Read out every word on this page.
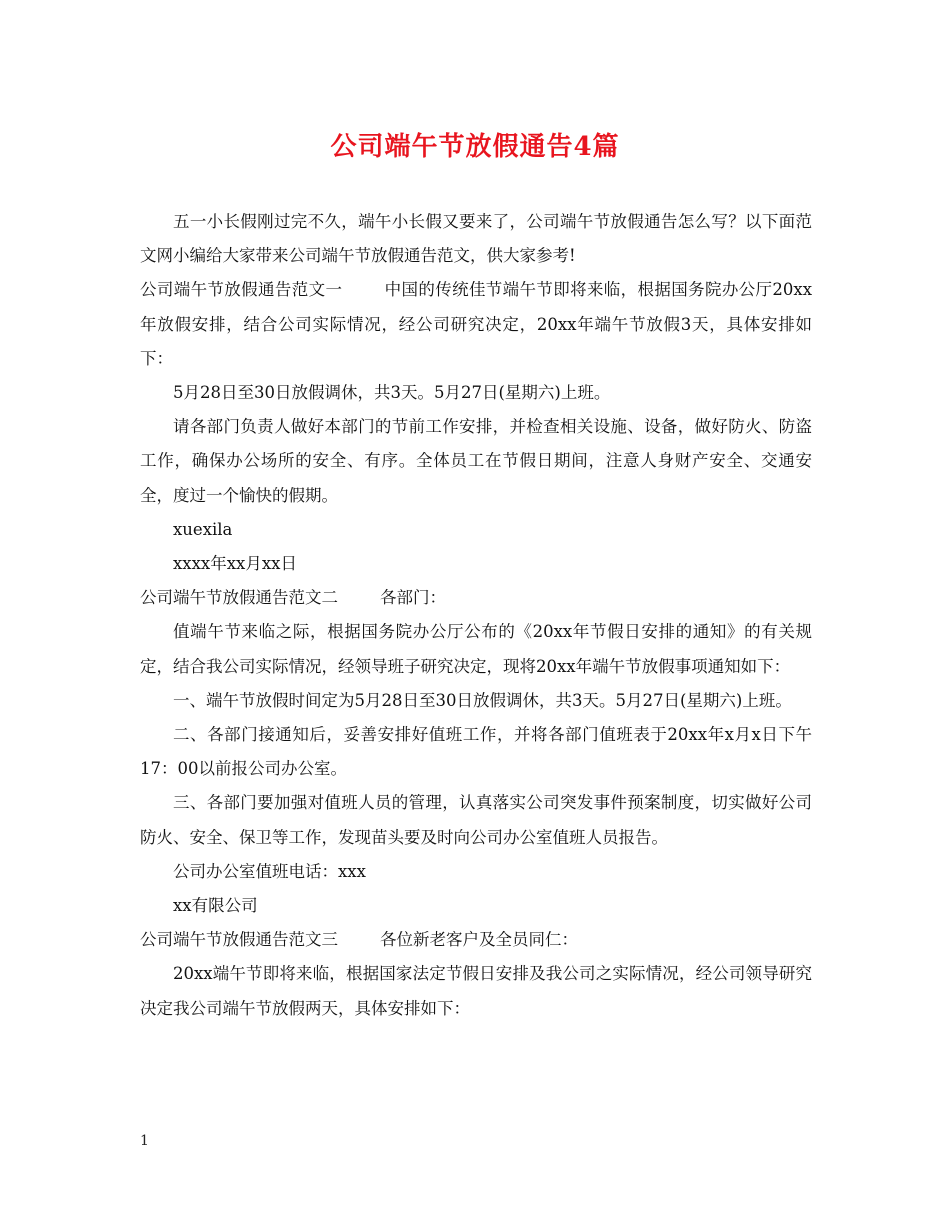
公司端午节放假通告4篇

五一小长假刚过完不久，端午小长假又要来了，公司端午节放假通告怎么写？以下面范文网小编给大家带来公司端午节放假通告范文，供大家参考!

公司端午节放假通告范文一	中国的传统佳节端午节即将来临，根据国务院办公厅20xx年放假安排，结合公司实际情况，经公司研究决定，20xx年端午节放假3天，具体安排如下：

5月28日至30日放假调休，共3天。5月27日(星期六)上班。

请各部门负责人做好本部门的节前工作安排，并检查相关设施、设备，做好防火、防盗工作，确保办公场所的安全、有序。全体员工在节假日期间，注意人身财产安全、交通安全，度过一个愉快的假期。

xuexila

xxxx年xx月xx日

公司端午节放假通告范文二	各部门：

值端午节来临之际，根据国务院办公厅公布的《20xx年节假日安排的通知》的有关规定，结合我公司实际情况，经领导班子研究决定，现将20xx年端午节放假事项通知如下：

一、端午节放假时间定为5月28日至30日放假调休，共3天。5月27日(星期六)上班。

二、各部门接通知后，妥善安排好值班工作，并将各部门值班表于20xx年x月x日下午17：00以前报公司办公室。

三、各部门要加强对值班人员的管理，认真落实公司突发事件预案制度，切实做好公司防火、安全、保卫等工作，发现苗头要及时向公司办公室值班人员报告。

公司办公室值班电话：xxx

xx有限公司

公司端午节放假通告范文三	各位新老客户及全员同仁：

20xx端午节即将来临，根据国家法定节假日安排及我公司之实际情况，经公司领导研究决定我公司端午节放假两天，具体安排如下：

1
